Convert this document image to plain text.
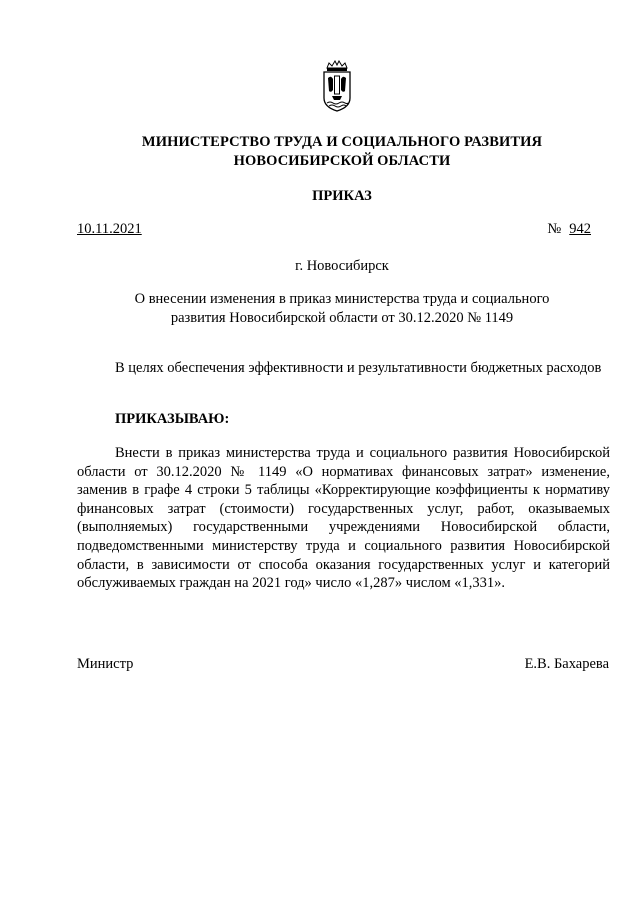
МИНИСТЕРСТВО ТРУДА И СОЦИАЛЬНОГО РАЗВИТИЯ
НОВОСИБИРСКОЙ ОБЛАСТИ
ПРИКАЗ
10.11.2021	№ 942
г. Новосибирск
О внесении изменения в приказ министерства труда и социального
развития Новосибирской области от 30.12.2020 № 1149
В целях обеспечения эффективности и результативности бюджетных расходов
ПРИКАЗЫВАЮ:
Внести в приказ министерства труда и социального развития Новосибирской области от 30.12.2020 № 1149 «О нормативах финансовых затрат» изменение, заменив в графе 4 строки 5 таблицы «Корректирующие коэффициенты к нормативу финансовых затрат (стоимости) государственных услуг, работ, оказываемых (выполняемых) государственными учреждениями Новосибирской области, подведомственными министерству труда и социального развития Новосибирской области, в зависимости от способа оказания государственных услуг и категорий обслуживаемых граждан на 2021 год» число «1,287» числом «1,331».
Министр	Е.В. Бахарева
